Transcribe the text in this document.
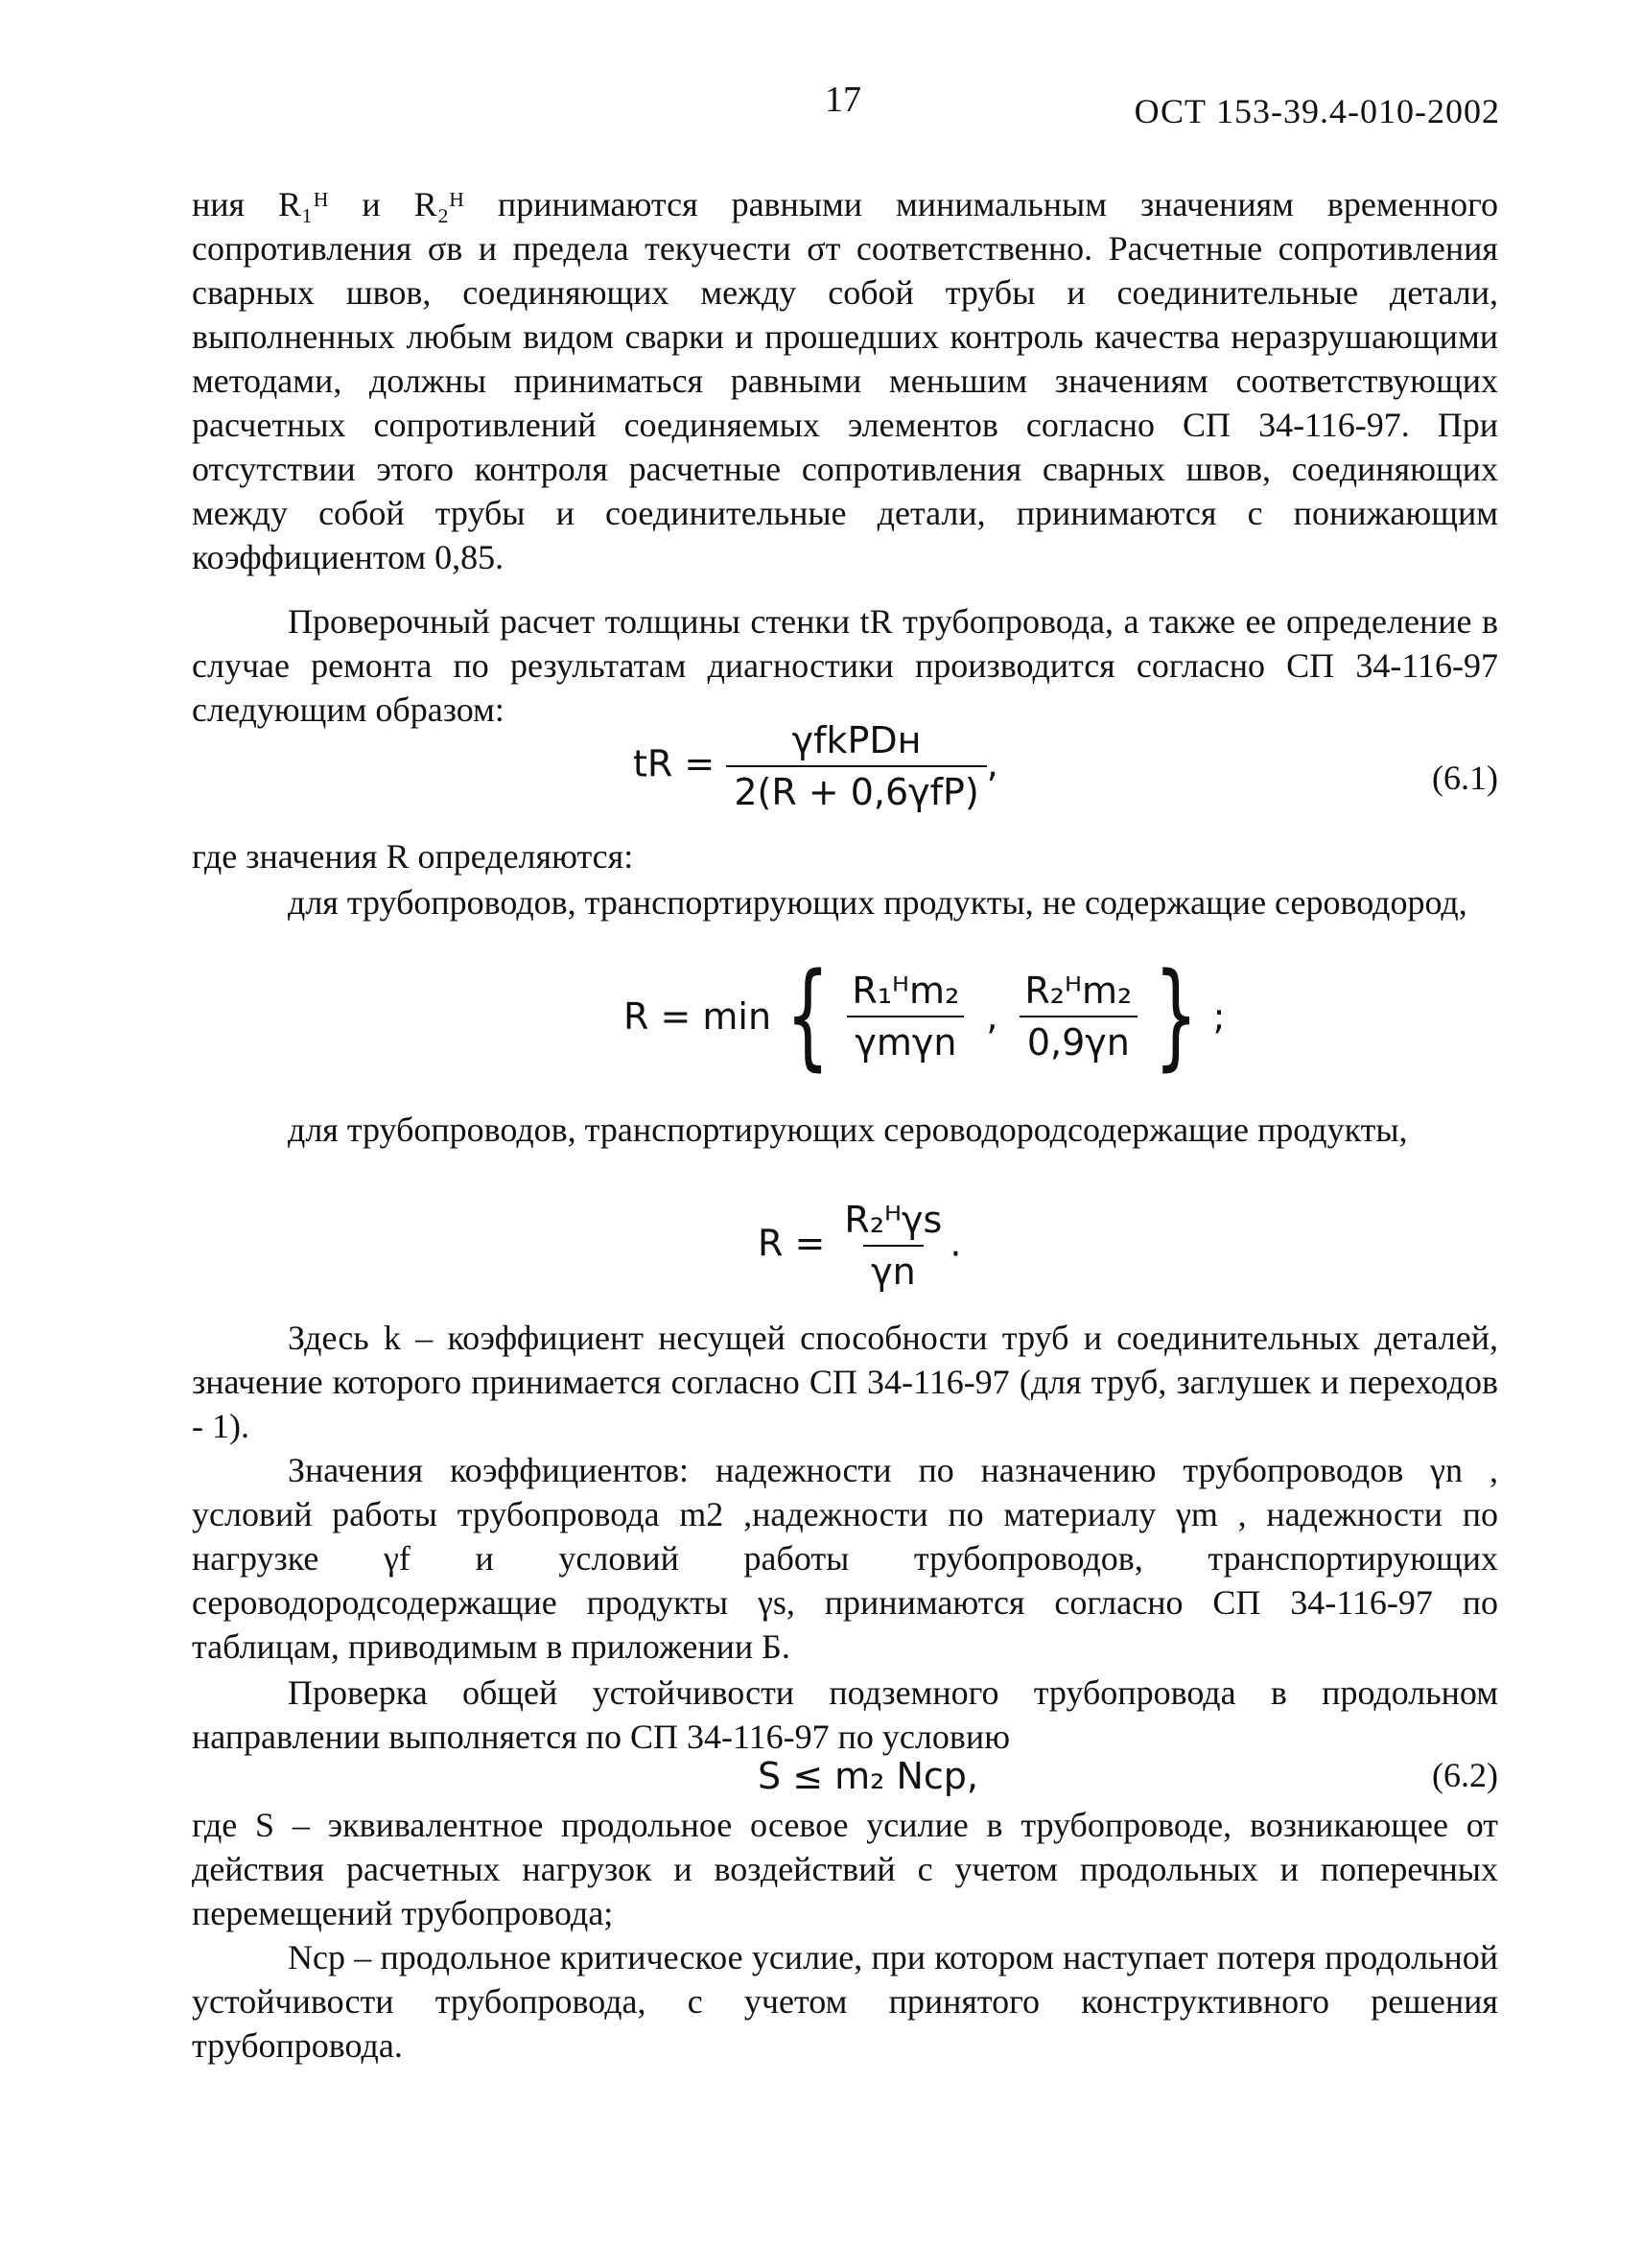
17	ОСТ 153-39.4-010-2002

ния R₁ᴴ и R₂ᴴ принимаются равными минимальным значениям временного сопротивления σв и предела текучести σт соответственно. Расчетные сопротивления сварных швов, соединяющих между собой трубы и соединительные детали, выполненных любым видом сварки и прошедших контроль качества неразрушающими методами, должны приниматься равными меньшим значениям соответствующих расчетных сопротивлений соединяемых элементов согласно СП 34-116-97. При отсутствии этого контроля расчетные сопротивления сварных швов, соединяющих между собой трубы и соединительные детали, принимаются с понижающим коэффициентом 0,85.

Проверочный расчет толщины стенки tR трубопровода, а также ее определение в случае ремонта по результатам диагностики производится согласно СП 34-116-97 следующим образом:

tR = $\frac{\text{γfkPDн}}{\text{2(R + 0,6γfP)}}$ ,	(6.1)

где значения R определяются:

для трубопроводов, транспортирующих продукты, не содержащие сероводород,

R = min { $\frac{\text{R₁ᴴm₂}}{\text{γmγn}}$ , $\frac{\text{R₂ᴴm₂}}{0,9\gamma n}$ } ;

для трубопроводов, транспортирующих сероводородсодержащие продукты,

$R = \frac{\text{R₂ᴴγs}}{\gamma n}$ .

Здесь k – коэффициент несущей способности труб и соединительных деталей, значение которого принимается согласно СП 34-116-97 (для труб, заглушек и переходов - 1).

Значения коэффициентов: надежности по назначению трубопроводов γn , условий работы трубопровода m2 ,надежности по материалу γm , надежности по нагрузке γf и условий работы трубопроводов, транспортирующих сероводородсодержащие продукты γs, принимаются согласно СП 34-116-97 по таблицам, приводимым в приложении Б.

Проверка общей устойчивости подземного трубопровода в продольном направлении выполняется по СП 34-116-97 по условию

S ≤ m₂ Nср,	(6.2)

где S – эквивалентное продольное осевое усилие в трубопроводе, возникающее от действия расчетных нагрузок и воздействий с учетом продольных и поперечных перемещений трубопровода;

Nср – продольное критическое усилие, при котором наступает потеря продольной устойчивости трубопровода, с учетом принятого конструктивного решения трубопровода.
